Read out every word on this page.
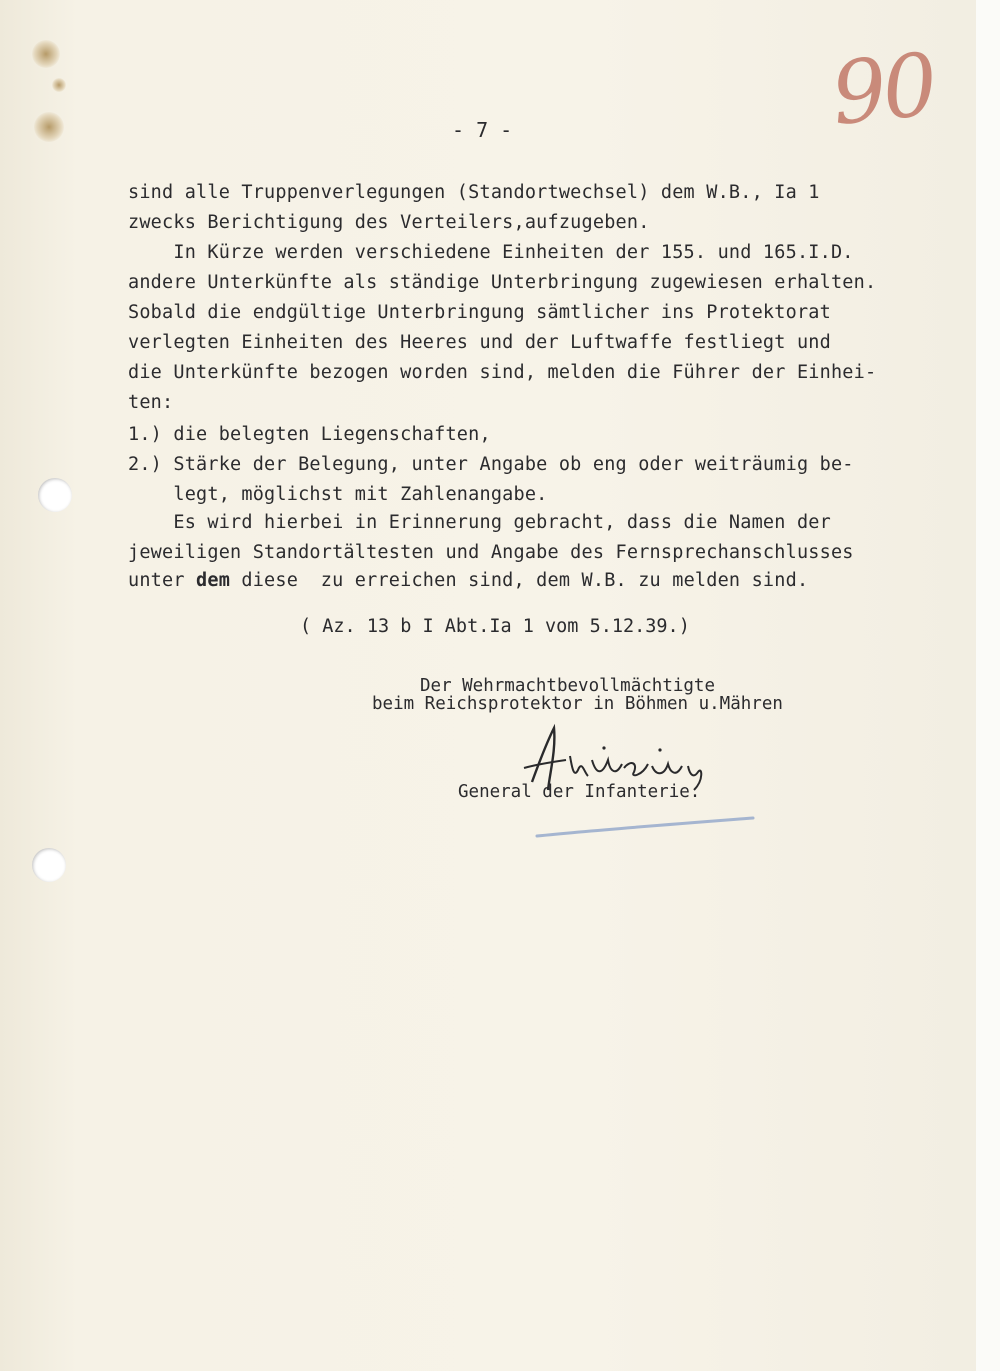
90
- 7 -
sind alle Truppenverlegungen (Standortwechsel) dem W.B., Ia 1
zwecks Berichtigung des Verteilers,aufzugeben.
In Kürze werden verschiedene Einheiten der 155. und 165.I.D.
andere Unterkünfte als ständige Unterbringung zugewiesen erhalten.
Sobald die endgültige Unterbringung sämtlicher ins Protektorat
verlegten Einheiten des Heeres und der Luftwaffe festliegt und
die Unterkünfte bezogen worden sind, melden die Führer der Einhei-
ten:
1.) die belegten Liegenschaften,
2.) Stärke der Belegung, unter Angabe ob eng oder weiträumig be-
legt, möglichst mit Zahlenangabe.
Es wird hierbei in Erinnerung gebracht, dass die Namen der
jeweiligen Standortältesten und Angabe des Fernsprechanschlusses
unter dem diese  zu erreichen sind, dem W.B. zu melden sind.
( Az. 13 b I Abt.Ia 1 vom 5.12.39.)
Der Wehrmachtbevollmächtigte
beim Reichsprotektor in Böhmen u.Mähren
General der Infanterie.
